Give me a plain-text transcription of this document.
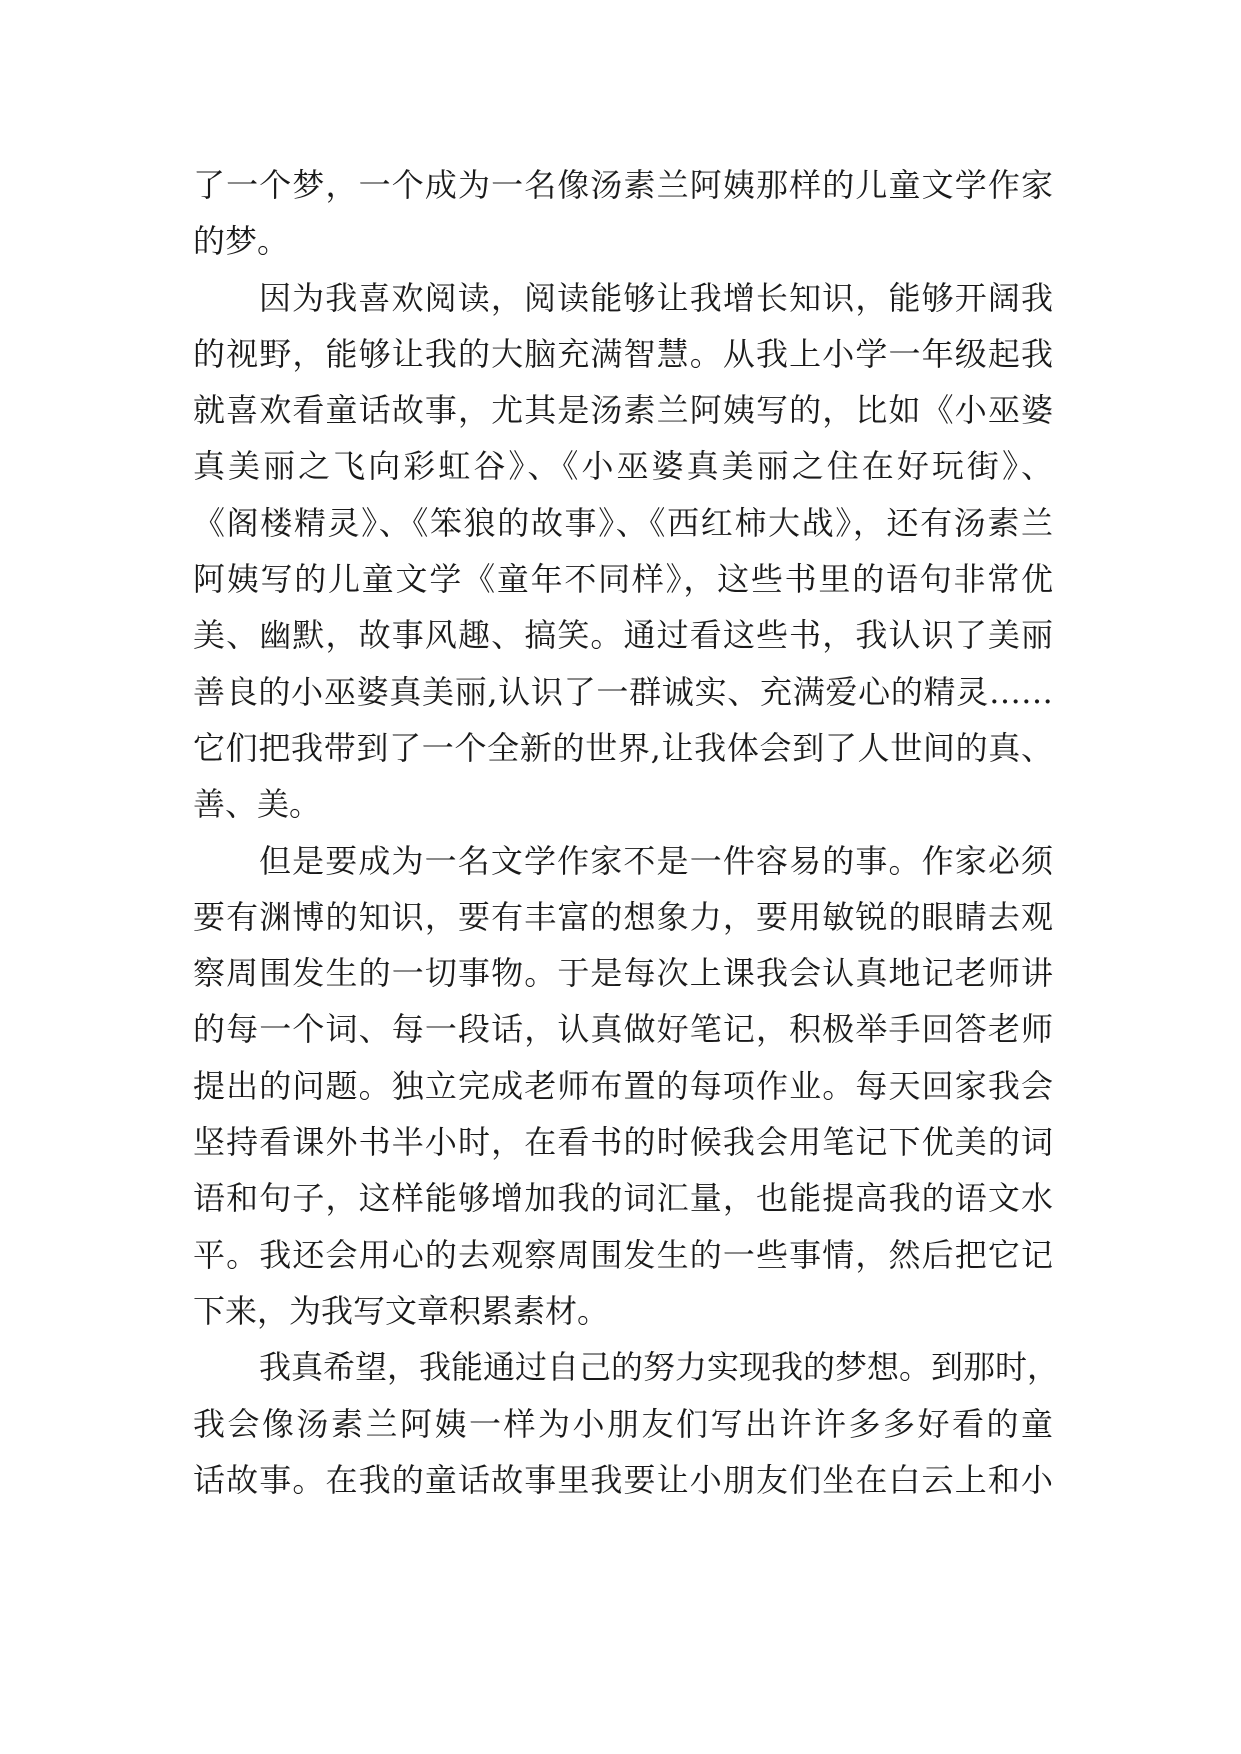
了一个梦，一个成为一名像汤素兰阿姨那样的儿童文学作家
的梦。
因为我喜欢阅读，阅读能够让我增长知识，能够开阔我
的视野，能够让我的大脑充满智慧。从我上小学一年级起我
就喜欢看童话故事，尤其是汤素兰阿姨写的，比如《小巫婆
真美丽之飞向彩虹谷》、《小巫婆真美丽之住在好玩街》、
《阁楼精灵》、《笨狼的故事》、《西红柿大战》，还有汤素兰
阿姨写的儿童文学《童年不同样》，这些书里的语句非常优
美、幽默，故事风趣、搞笑。通过看这些书，我认识了美丽
善良的小巫婆真美丽,认识了一群诚实、充满爱心的精灵……
它们把我带到了一个全新的世界,让我体会到了人世间的真、
善、美。
但是要成为一名文学作家不是一件容易的事。作家必须
要有渊博的知识，要有丰富的想象力，要用敏锐的眼睛去观
察周围发生的一切事物。于是每次上课我会认真地记老师讲
的每一个词、每一段话，认真做好笔记，积极举手回答老师
提出的问题。独立完成老师布置的每项作业。每天回家我会
坚持看课外书半小时，在看书的时候我会用笔记下优美的词
语和句子，这样能够增加我的词汇量，也能提高我的语文水
平。我还会用心的去观察周围发生的一些事情，然后把它记
下来，为我写文章积累素材。
我真希望，我能通过自己的努力实现我的梦想。到那时，
我会像汤素兰阿姨一样为小朋友们写出许许多多好看的童
话故事。在我的童话故事里我要让小朋友们坐在白云上和小
